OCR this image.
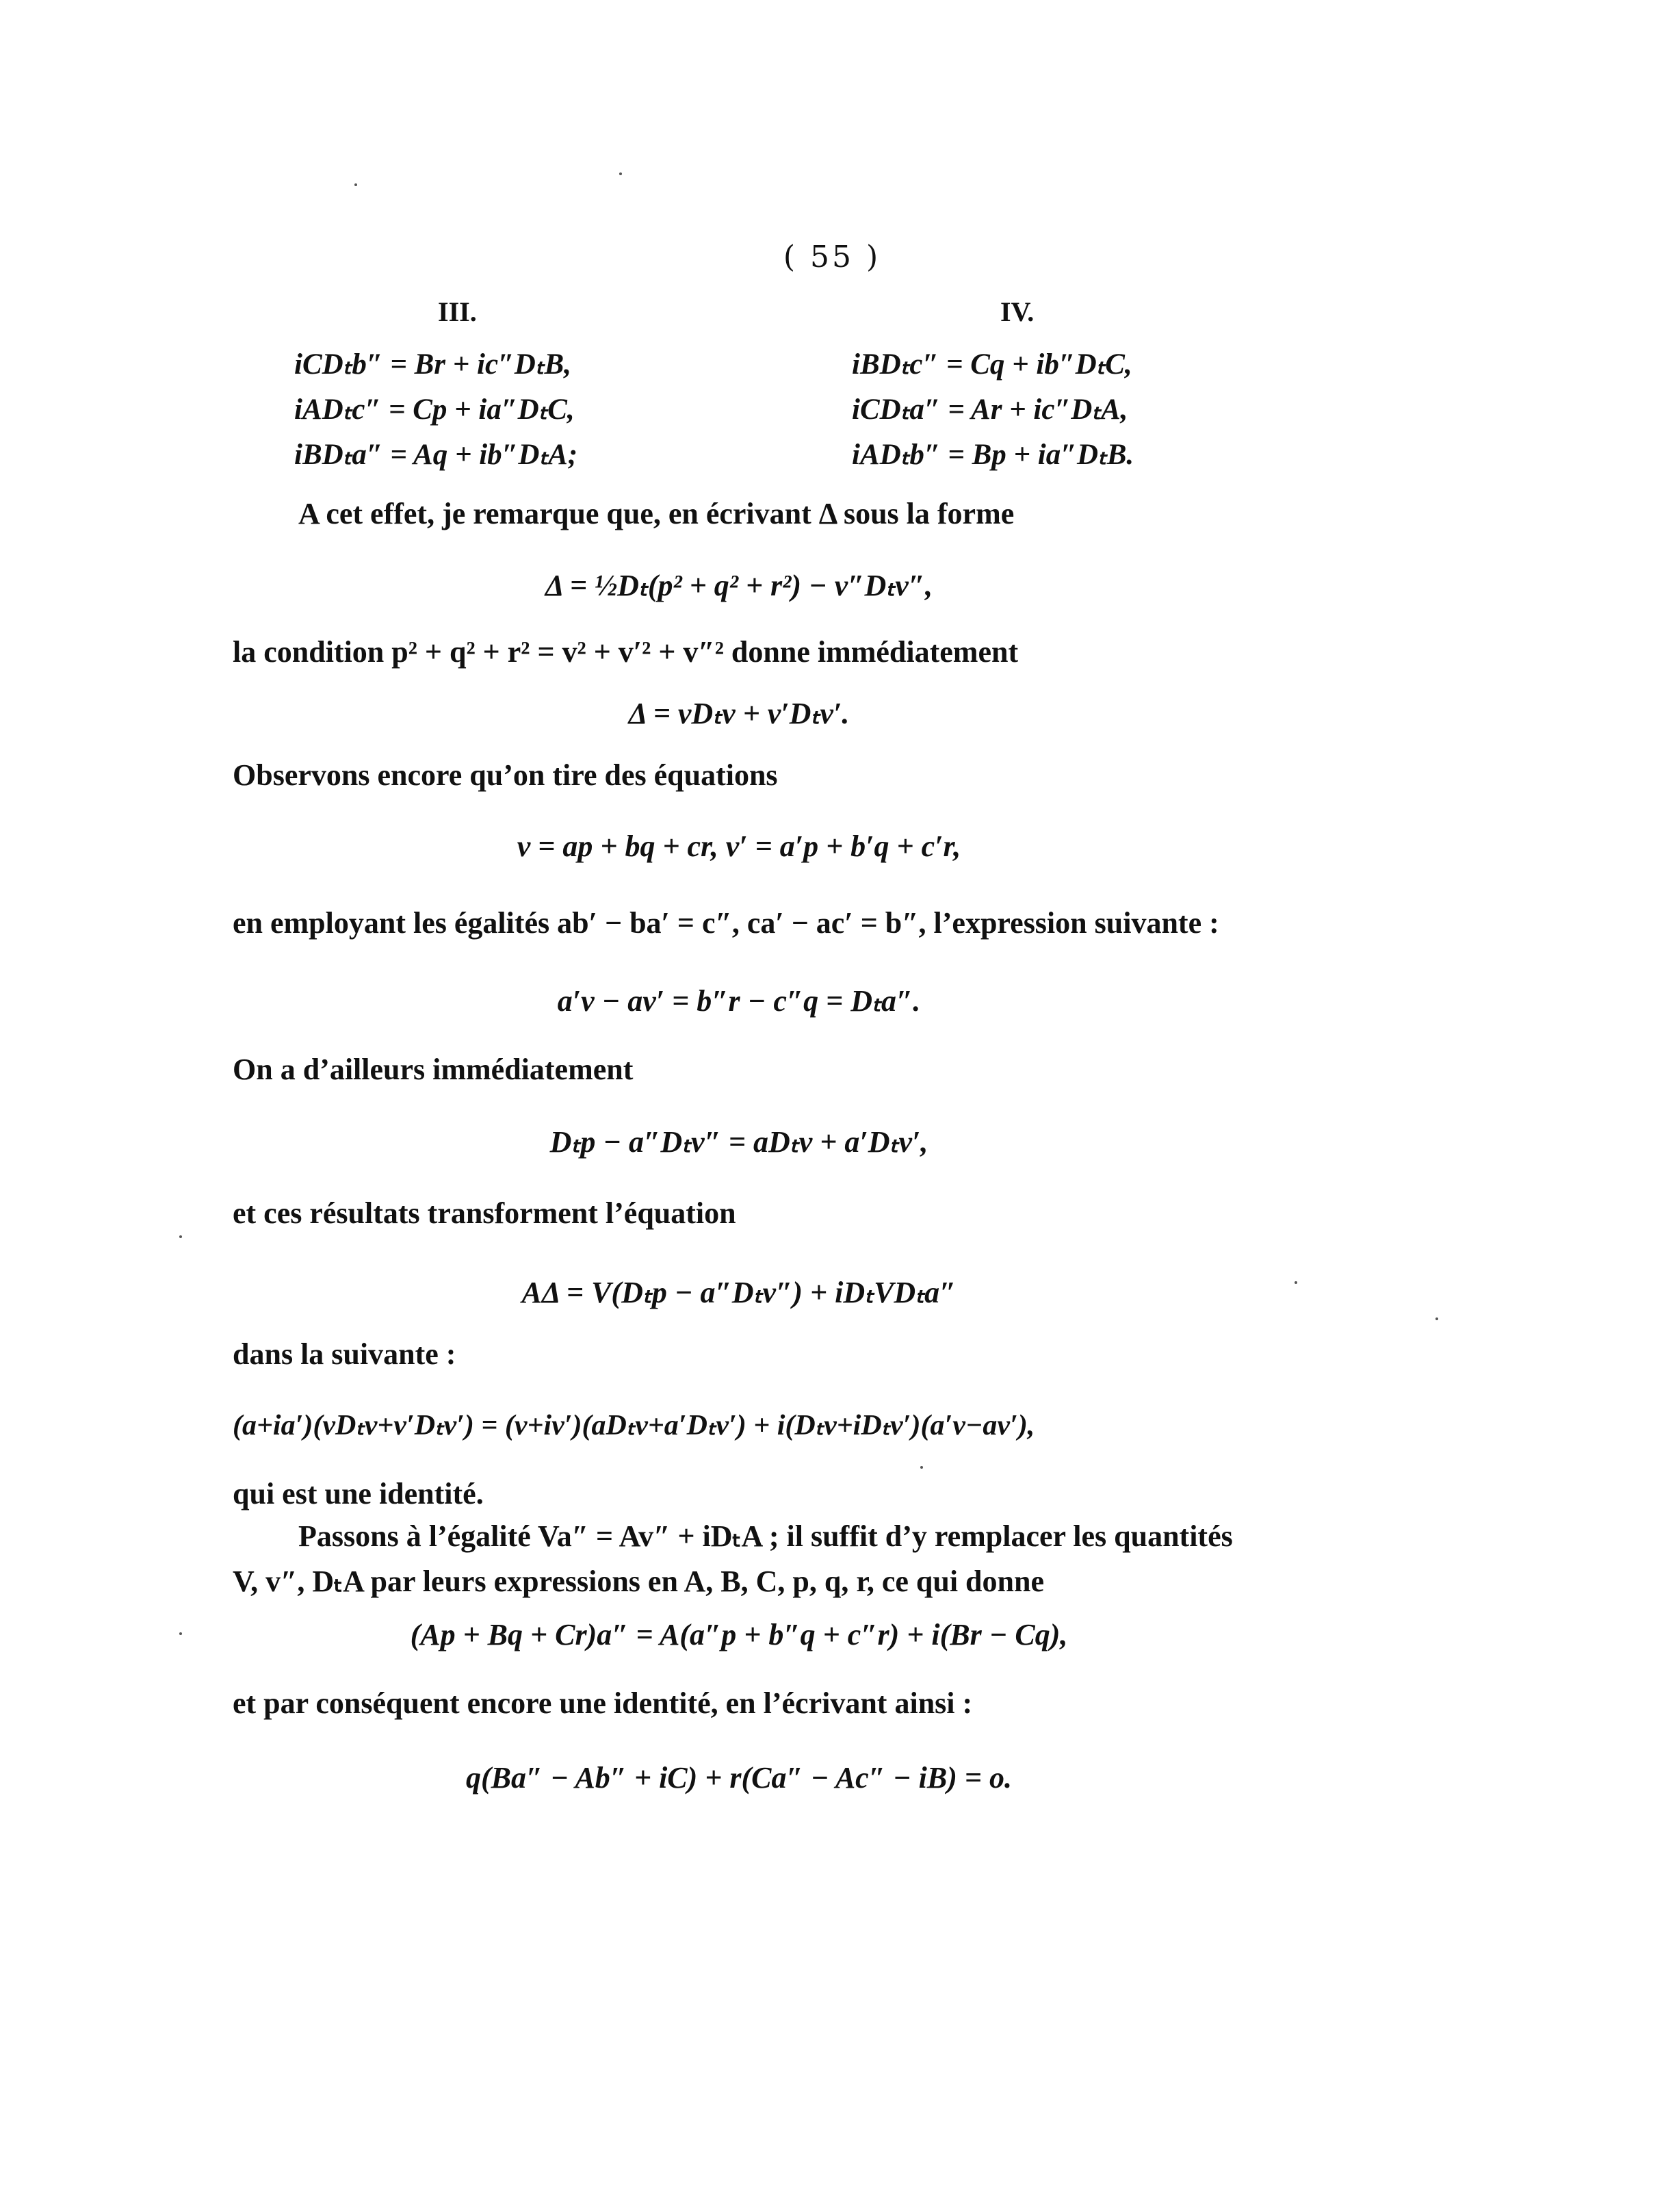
( 55 )
III.	IV.
iCDₜb″ = Br + ic″DₜB,
iADₜc″ = Cp + ia″DₜC,
iBDₜa″ = Aq + ib″DₜA;
iBDₜc″ = Cq + ib″DₜC,
iCDₜa″ = Ar + ic″DₜA,
iADₜb″ = Bp + ia″DₜB.
A cet effet, je remarque que, en écrivant Δ sous la forme
Δ = ½Dₜ(p² + q² + r²) − v″Dₜv″,
la condition p² + q² + r² = v² + v′² + v″² donne immédiatement
Δ = vDₜv + v′Dₜv′.
Observons encore qu’on tire des équations
v = ap + bq + cr, v′ = a′p + b′q + c′r,
en employant les égalités ab′ − ba′ = c″, ca′ − ac′ = b″, l’expression suivante :
a′v − av′ = b″r − c″q = Dₜa″.
On a d’ailleurs immédiatement
Dₜp − a″Dₜv″ = aDₜv + a′Dₜv′,
et ces résultats transforment l’équation
AΔ = V(Dₜp − a″Dₜv″) + iDₜVDₜa″
dans la suivante :
(a+ia′)(vDₜv+v′Dₜv′) = (v+iv′)(aDₜv+a′Dₜv′) + i(Dₜv+iDₜv′)(a′v−av′),
qui est une identité.
Passons à l’égalité Va″ = Av″ + iDₜA ; il suffit d’y remplacer les quantités V, v″, DₜA par leurs expressions en A, B, C, p, q, r, ce qui donne
(Ap + Bq + Cr)a″ = A(a″p + b″q + c″r) + i(Br − Cq),
et par conséquent encore une identité, en l’écrivant ainsi :
q(Ba″ − Ab″ + iC) + r(Ca″ − Ac″ − iB) = o.
